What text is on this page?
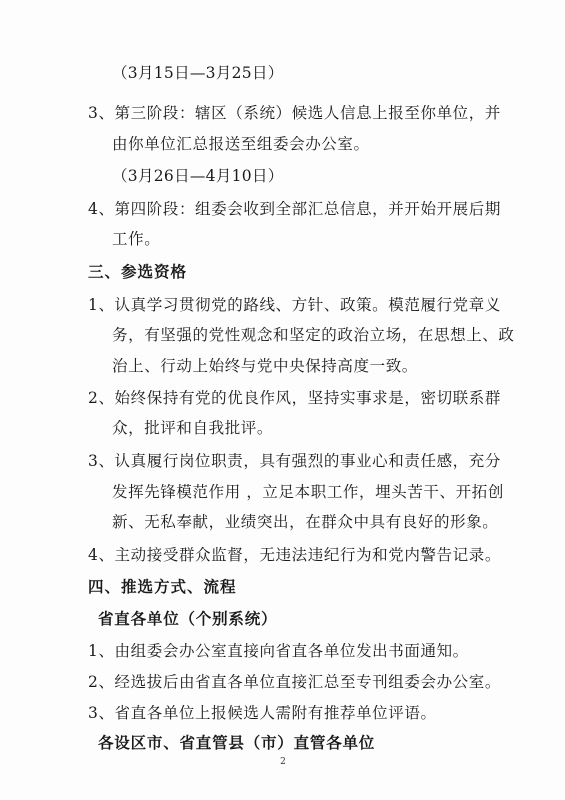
（3月15日—3月25日）
3、第三阶段：辖区（系统）候选人信息上报至你单位，并
由你单位汇总报送至组委会办公室。
（3月26日—4月10日）
4、第四阶段：组委会收到全部汇总信息，并开始开展后期
工作。
三、参选资格
1、认真学习贯彻党的路线、方针、政策。模范履行党章义
务，有坚强的党性观念和坚定的政治立场，在思想上、政
治上、行动上始终与党中央保持高度一致。
2、始终保持有党的优良作风，坚持实事求是，密切联系群
众，批评和自我批评。
3、认真履行岗位职责，具有强烈的事业心和责任感，充分
发挥先锋模范作用 ，立足本职工作，埋头苦干、开拓创
新、无私奉献，业绩突出，在群众中具有良好的形象。
4、主动接受群众监督，无违法违纪行为和党内警告记录。
四、推选方式、流程
省直各单位（个别系统）
1、由组委会办公室直接向省直各单位发出书面通知。
2、经选拔后由省直各单位直接汇总至专刊组委会办公室。
3、省直各单位上报候选人需附有推荐单位评语。
各设区市、省直管县（市）直管各单位
2
